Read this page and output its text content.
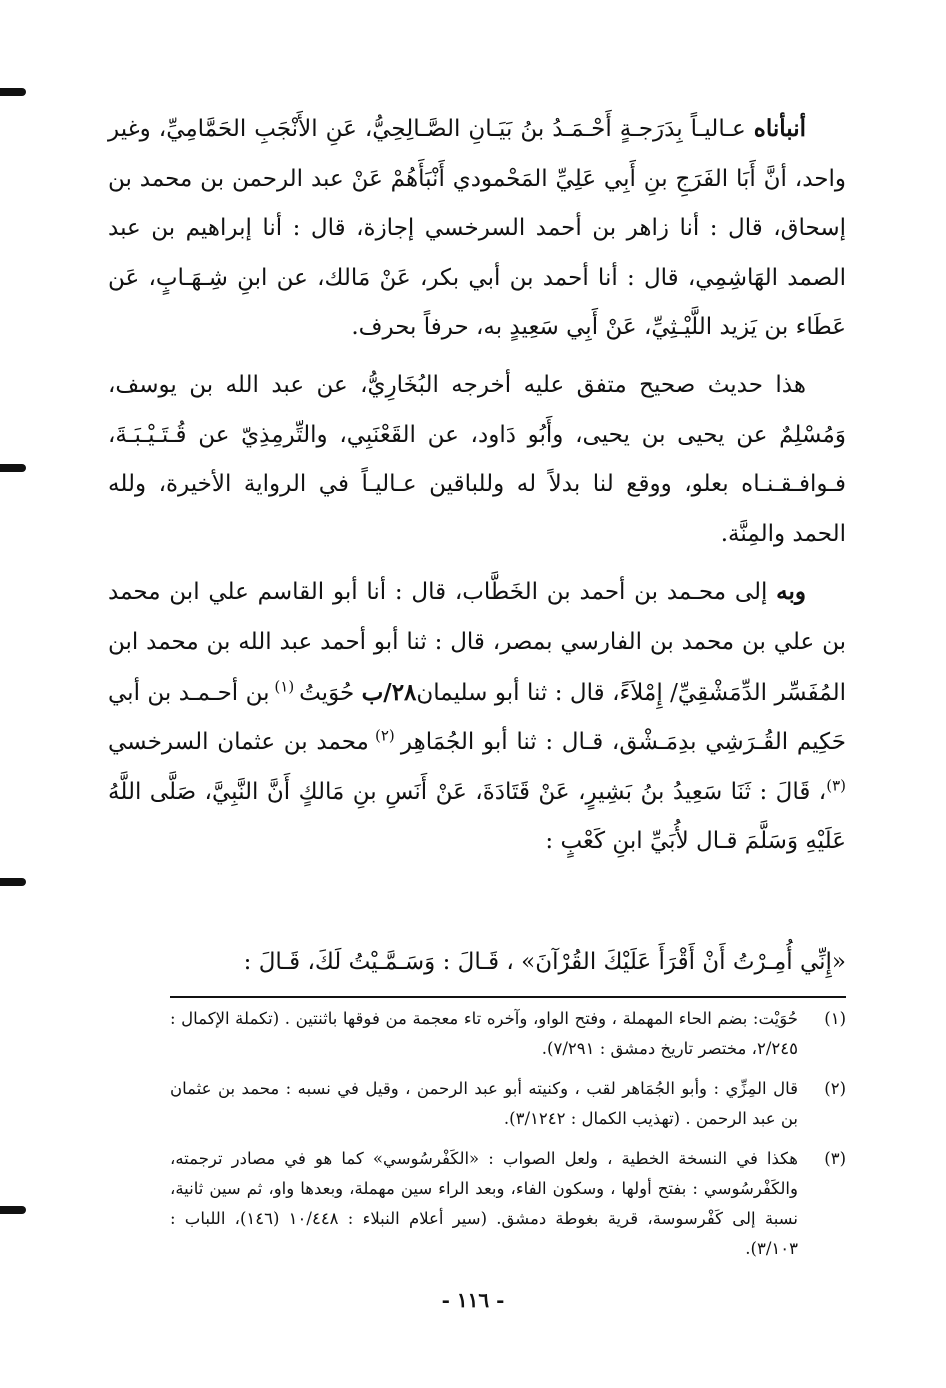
أنبأناه عـاليـاً بِدَرَجـةٍ أَحْـمَـدُ بنُ بَيَـانِ الصَّـالِحِيُّ، عَنِ الأَنْجَبِ الحَمَّامِيِّ، وغير واحد، أنَّ أَبَا الفَرَجِ بنِ أَبِي عَلِيِّ المَحْمودي أَنْبَأَهُمْ عَنْ عبد الرحمن بن محمد بن إسحاق، قال : أنا زاهر بن أحمد السرخسي إجازة، قال : أنا إبراهيم بن عبد الصمد الهَاشِمِي، قال : أنا أحمد بن أبي بكر، عَنْ مَالك، عن ابنِ شِـهَـابٍ، عَن عَطَاء بن يَزيد اللَّيْـثِيِّ، عَنْ أَبِي سَعِيدٍ به، حرفاً بحرف.

هذا حديث صحيح متفق عليه أخرجه البُخَارِيُّ، عن عبد الله بن يوسف، وَمُسْلِمٌ عن يحيى بن يحيى، وأَبُو دَاود، عن القَعْنَبِي، والتِّرمِذِيّ عن قُـتَـيْـبَـةَ، فـوافـقـنـاه بعلو، ووقع لنا بدلاً له وللباقين عـاليـاً في الرواية الأخيرة، ولله الحمد والمِنَّة.

وبه إلى محـمد بن أحمد بن الخَطَّاب، قال : أنا أبو القاسم علي ابن محمد بن علي بن محمد بن الفارسي بمصر، قال : ثنا أبو أحمد عبد الله بن محمد ابن المُفَسِّر الدِّمَشْقِيِّ/ إِمْلاَءً، قال : ثنا أبو سليمان٢٨/ب حُوَيتُ $^{(١)}$ بن أحـمـد بن أبي حَكِيم القُـرَشِي بدِمَـشْق، قـال : ثنا أبو الجُمَاهِر $^{(٢)}$ محمد بن عثمان السرخسي $^{(٣)}$، قَالَ : ثَنَا سَعِيدُ بنُ بَشِيرٍ، عَنْ قَتَادَةَ، عَنْ أَنَسِ بنِ مَالكٍ أَنَّ النَّبِيَّ، صَلَّى اللَّهُ عَلَيْهِ وَسَلَّمَ قـال لأُبَيِّ ابنِ كَعْبٍ :

«إِنِّي أُمِـرْتُ أَنْ أَقْرَأَ عَلَيْكَ القُرْآنَ» ، قَـالَ : وَسَـمَّـيْتُ لَكَ، قَـالَ :
(١)
حُوَيْت: بضم الحاء المهملة ، وفتح الواو، وآخره تاء معجمة من فوقها باثنتين . (تكملة الإكمال : ٢/٢٤٥، مختصر تاريخ دمشق : ٧/٢٩١).
(٢)
قال المِزِّي : وأبو الجُمَاهر لقب ، وكنيته أبو عبد الرحمن ، وقيل في نسبه : محمد بن عثمان بن عبد الرحمن . (تهذيب الكمال : ٣/١٢٤٢).
(٣)
هكذا في النسخة الخطية ، ولعل الصواب : «الكَفْرسُوسي» كما هو في مصادر ترجمته، والكَفْرسُوسي : بفتح أولها ، وسكون الفاء، وبعد الراء سين مهملة، وبعدها واو، ثم سين ثانية، نسبة إلى كَفْرسوسة، قرية بغوطة دمشق. (سير أعلام النبلاء : ١٠/٤٤٨ (١٤٦)، اللباب : ٣/١٠٣).
- ١١٦ -
